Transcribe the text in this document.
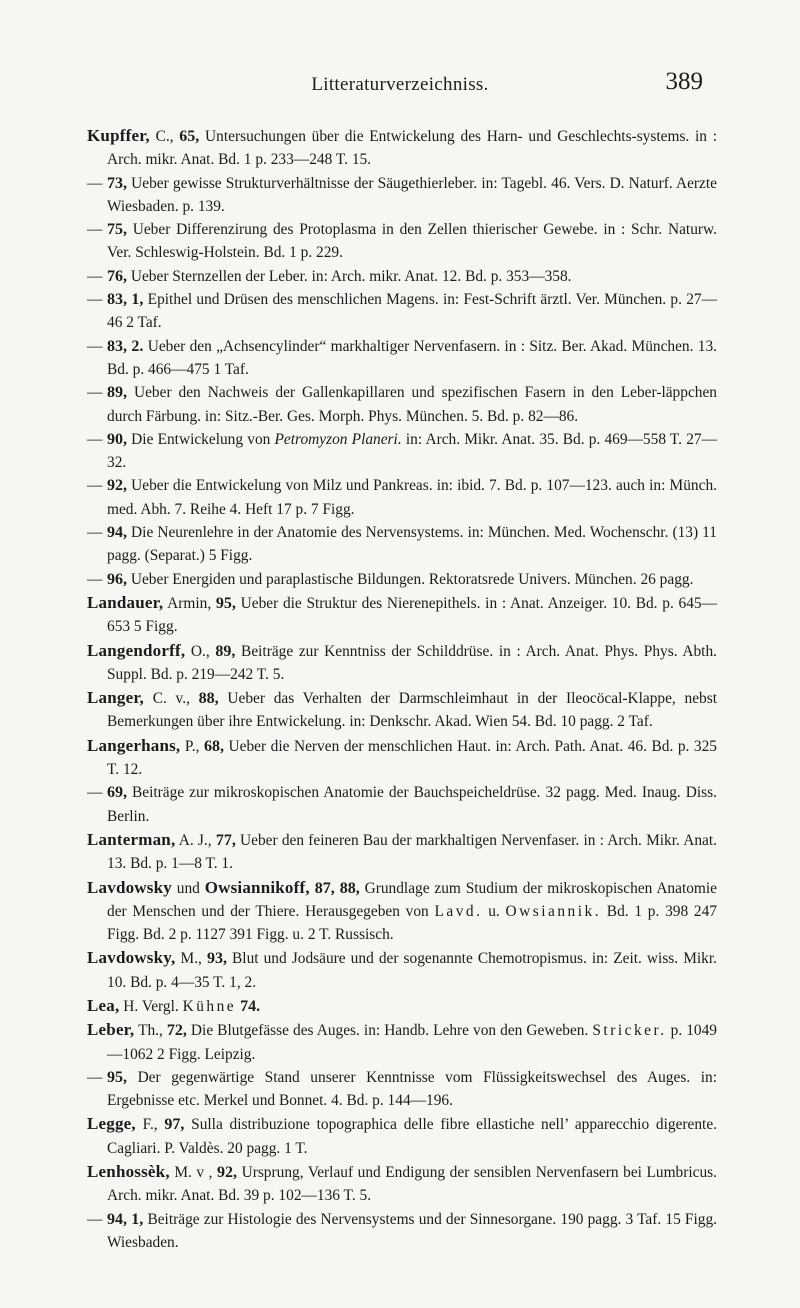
Litteraturverzeichniss.	389
Kupffer, C., 65, Untersuchungen über die Entwickelung des Harn- und Geschlechts-systems. in : Arch. mikr. Anat. Bd. 1 p. 233—248 T. 15.
— 73, Ueber gewisse Strukturverhältnisse der Säugethierleber. in: Tagebl. 46. Vers. D. Naturf. Aerzte Wiesbaden. p. 139.
— 75, Ueber Differenzirung des Protoplasma in den Zellen thierischer Gewebe. in : Schr. Naturw. Ver. Schleswig-Holstein. Bd. 1 p. 229.
— 76, Ueber Sternzellen der Leber. in: Arch. mikr. Anat. 12. Bd. p. 353—358.
— 83, 1, Epithel und Drüsen des menschlichen Magens. in: Fest-Schrift ärztl. Ver. München. p. 27—46 2 Taf.
— 83, 2. Ueber den „Achsencylinder“ markhaltiger Nervenfasern. in : Sitz. Ber. Akad. München. 13. Bd. p. 466—475 1 Taf.
— 89, Ueber den Nachweis der Gallenkapillaren und spezifischen Fasern in den Leber-läppchen durch Färbung. in: Sitz.-Ber. Ges. Morph. Phys. München. 5. Bd. p. 82—86.
— 90, Die Entwickelung von Petromyzon Planeri. in: Arch. Mikr. Anat. 35. Bd. p. 469—558 T. 27—32.
— 92, Ueber die Entwickelung von Milz und Pankreas. in: ibid. 7. Bd. p. 107—123. auch in: Münch. med. Abh. 7. Reihe 4. Heft 17 p. 7 Figg.
— 94, Die Neurenlehre in der Anatomie des Nervensystems. in: München. Med. Wochenschr. (13) 11 pagg. (Separat.) 5 Figg.
— 96, Ueber Energiden und paraplastische Bildungen. Rektoratsrede Univers. München. 26 pagg.
Landauer, Armin, 95, Ueber die Struktur des Nierenepithels. in : Anat. Anzeiger. 10. Bd. p. 645—653 5 Figg.
Langendorff, O., 89, Beiträge zur Kenntniss der Schilddrüse. in : Arch. Anat. Phys. Phys. Abth. Suppl. Bd. p. 219—242 T. 5.
Langer, C. v., 88, Ueber das Verhalten der Darmschleimhaut in der Ileocöcal-Klappe, nebst Bemerkungen über ihre Entwickelung. in: Denkschr. Akad. Wien 54. Bd. 10 pagg. 2 Taf.
Langerhans, P., 68, Ueber die Nerven der menschlichen Haut. in: Arch. Path. Anat. 46. Bd. p. 325 T. 12.
— 69, Beiträge zur mikroskopischen Anatomie der Bauchspeicheldrüse. 32 pagg. Med. Inaug. Diss. Berlin.
Lanterman, A. J., 77, Ueber den feineren Bau der markhaltigen Nervenfaser. in : Arch. Mikr. Anat. 13. Bd. p. 1—8 T. 1.
Lavdowsky und Owsiannikoff, 87, 88, Grundlage zum Studium der mikroskopischen Anatomie der Menschen und der Thiere. Herausgegeben von Lavd. u. Owsiannik. Bd. 1 p. 398 247 Figg. Bd. 2 p. 1127 391 Figg. u. 2 T. Russisch.
Lavdowsky, M., 93, Blut und Jodsäure und der sogenannte Chemotropismus. in: Zeit. wiss. Mikr. 10. Bd. p. 4—35 T. 1, 2.
Lea, H. Vergl. Kühne 74.
Leber, Th., 72, Die Blutgefässe des Auges. in: Handb. Lehre von den Geweben. Stricker. p. 1049—1062 2 Figg. Leipzig.
— 95, Der gegenwärtige Stand unserer Kenntnisse vom Flüssigkeitswechsel des Auges. in: Ergebnisse etc. Merkel und Bonnet. 4. Bd. p. 144—196.
Legge, F., 97, Sulla distribuzione topographica delle fibre ellastiche nell’ apparecchio digerente. Cagliari. P. Valdès. 20 pagg. 1 T.
Lenhossèk, M. v , 92, Ursprung, Verlauf und Endigung der sensiblen Nervenfasern bei Lumbricus. Arch. mikr. Anat. Bd. 39 p. 102—136 T. 5.
— 94, 1, Beiträge zur Histologie des Nervensystems und der Sinnesorgane. 190 pagg. 3 Taf. 15 Figg. Wiesbaden.
